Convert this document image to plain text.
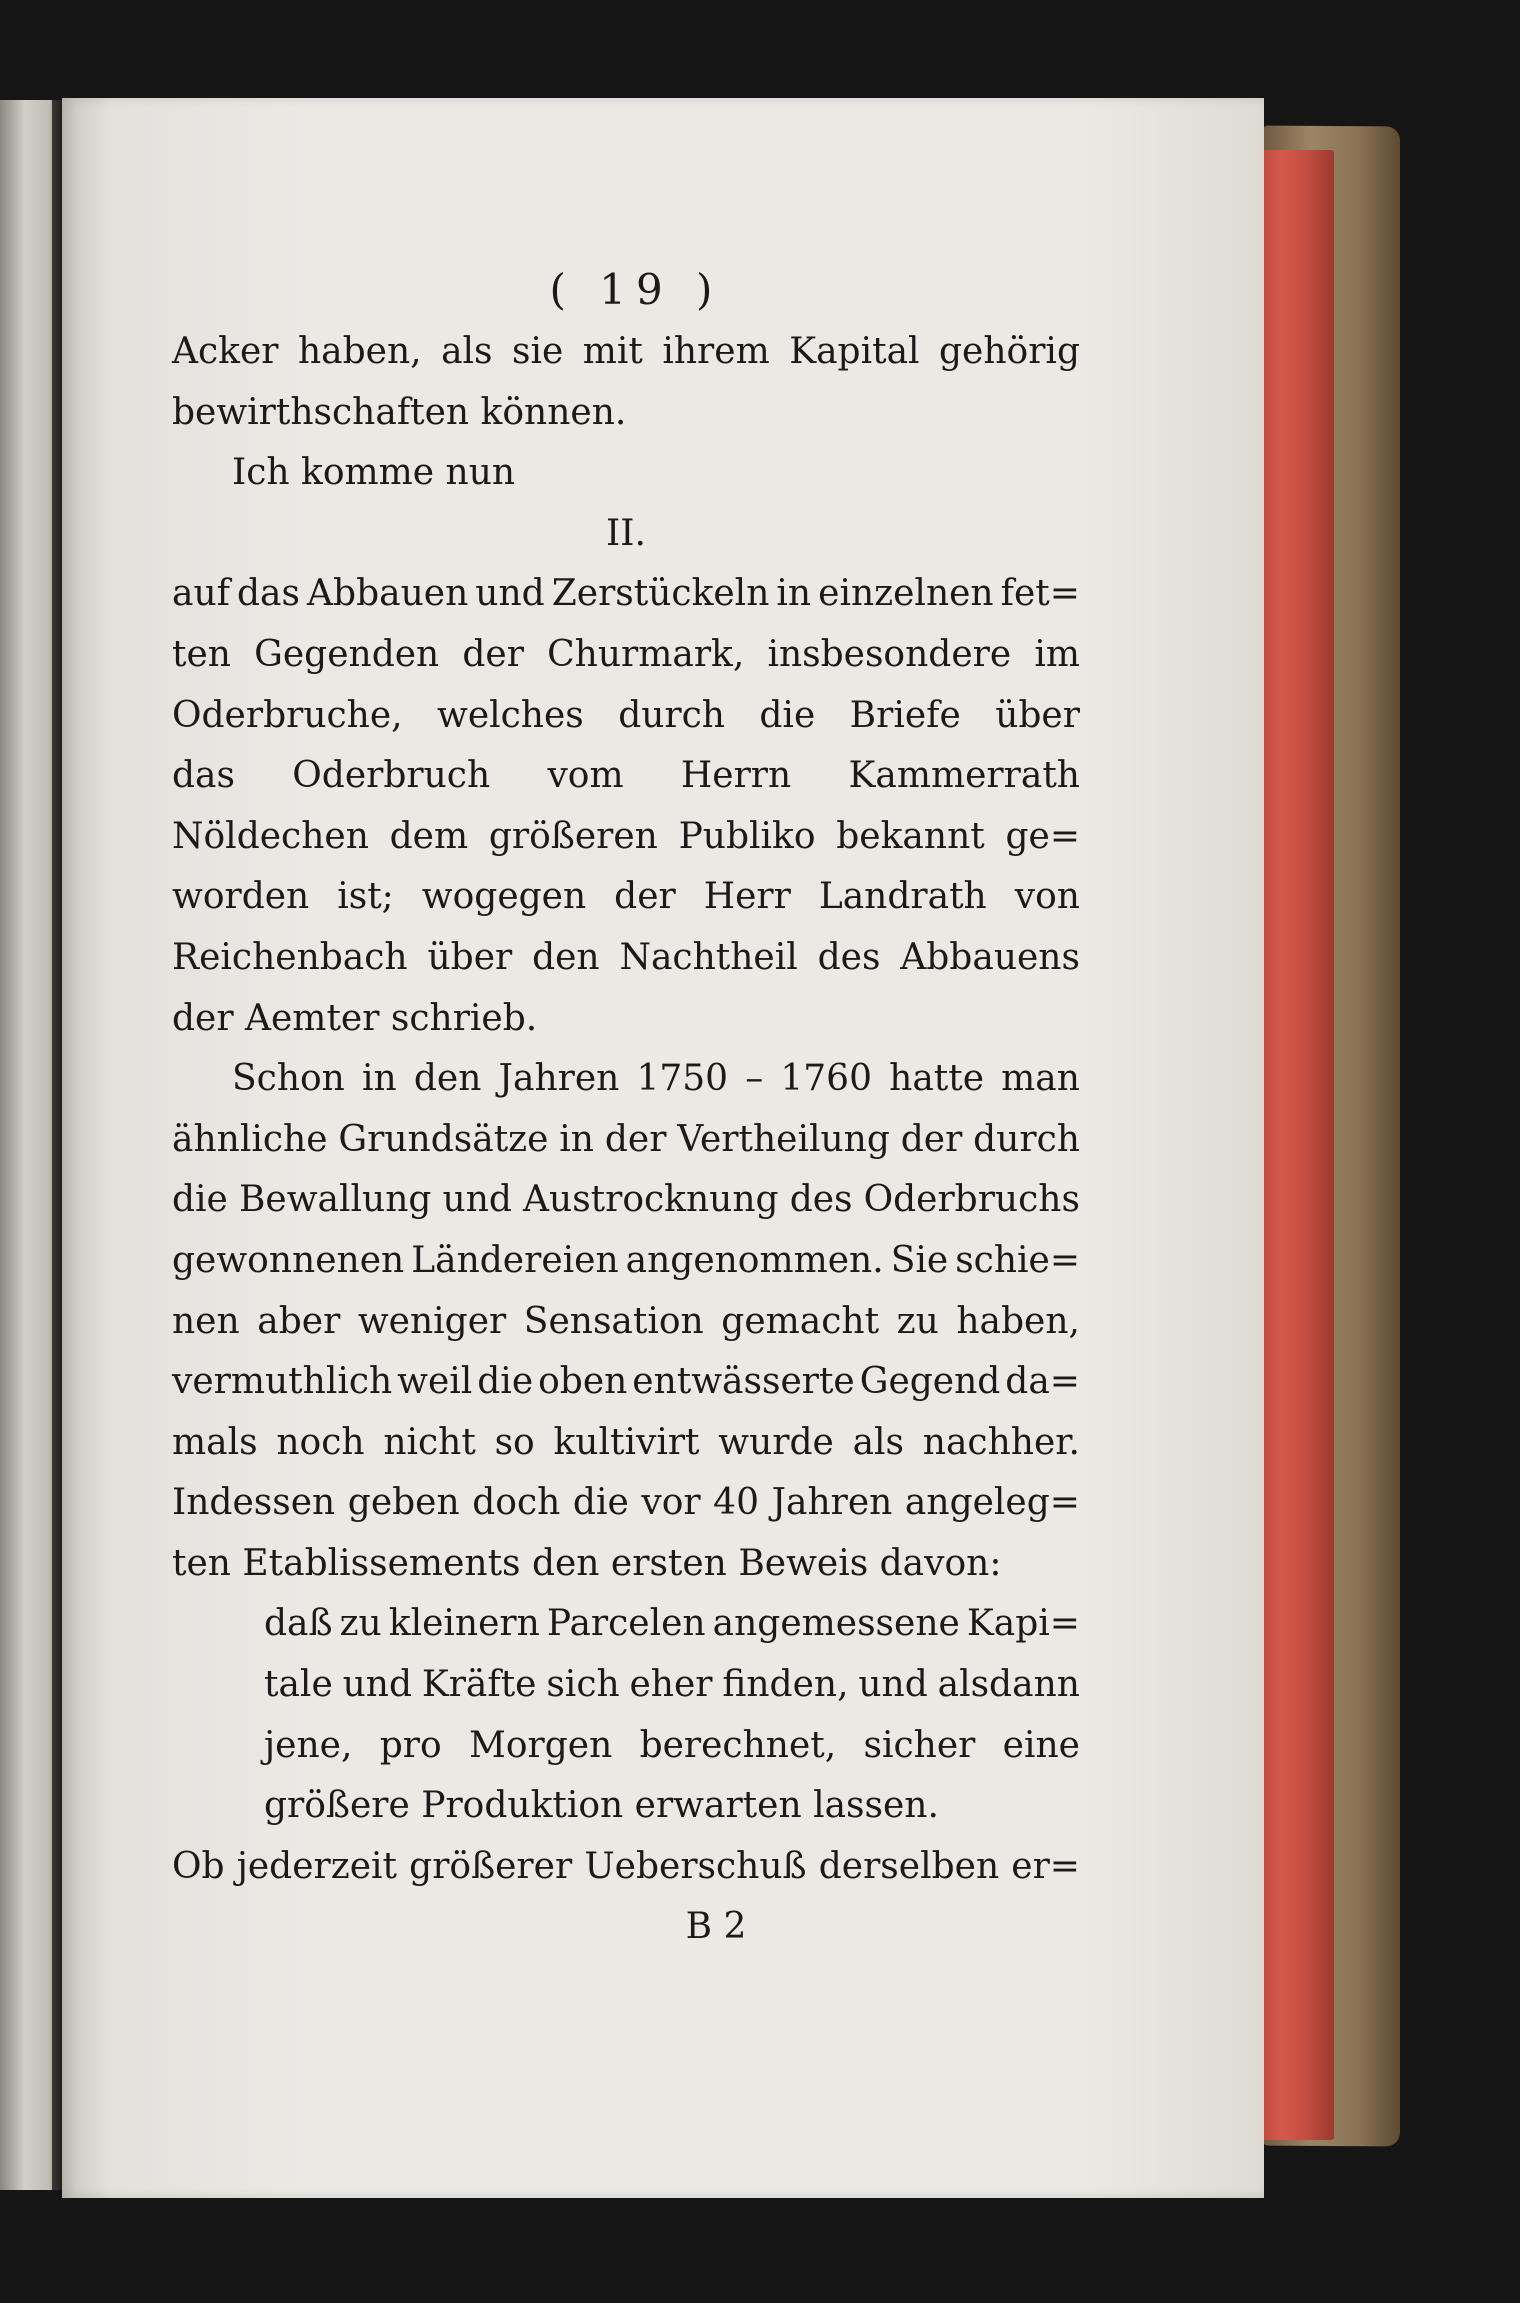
( 19 )
Acker haben, als sie mit ihrem Kapital gehörig
bewirthschaften können.
Ich komme nun
II.
auf das Abbauen und Zerstückeln in einzelnen fet=
ten Gegenden der Churmark, insbesondere im
Oderbruche, welches durch die Briefe über
das Oderbruch vom Herrn Kammerrath
Nöldechen dem größeren Publiko bekannt ge=
worden ist; wogegen der Herr Landrath von
Reichenbach über den Nachtheil des Abbauens
der Aemter schrieb.
Schon in den Jahren 1750 – 1760 hatte man
ähnliche Grundsätze in der Vertheilung der durch
die Bewallung und Austrocknung des Oderbruchs
gewonnenen Ländereien angenommen. Sie schie=
nen aber weniger Sensation gemacht zu haben,
vermuthlich weil die oben entwässerte Gegend da=
mals noch nicht so kultivirt wurde als nachher.
Indessen geben doch die vor 40 Jahren angeleg=
ten Etablissements den ersten Beweis davon:
daß zu kleinern Parcelen angemessene Kapi=
tale und Kräfte sich eher finden, und alsdann
jene, pro Morgen berechnet, sicher eine
größere Produktion erwarten lassen.
Ob jederzeit größerer Ueberschuß derselben er=
B 2
